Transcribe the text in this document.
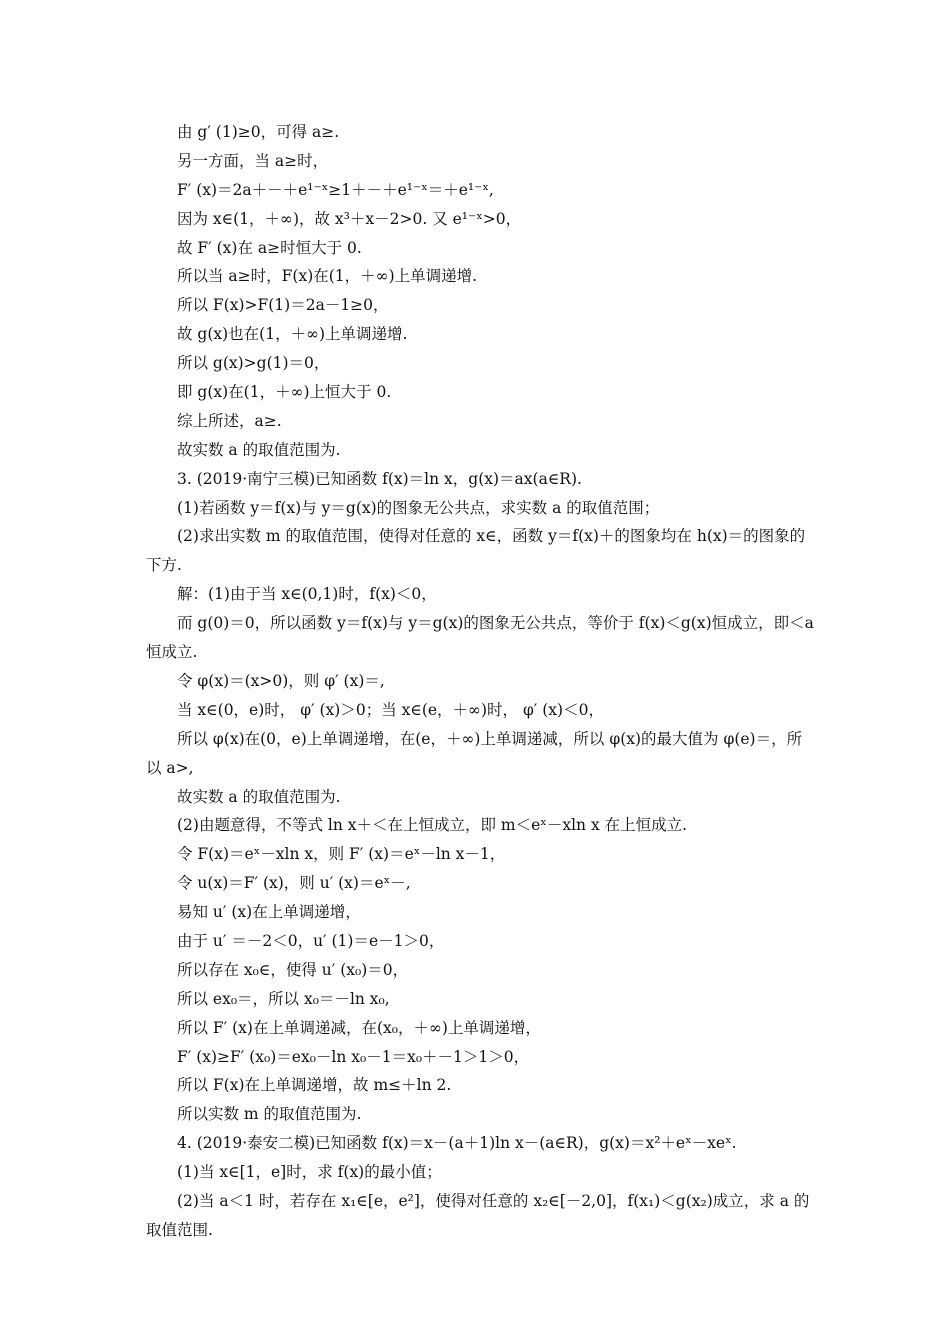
由 g′ (1)≥0，可得 a≥.
另一方面，当 a≥时，
F′ (x)＝2a＋－＋e¹⁻ˣ≥1＋－＋e¹⁻ˣ＝＋e¹⁻ˣ,
因为 x∈(1，＋∞)，故 x³＋x－2>0. 又 e¹⁻ˣ>0，
故 F′ (x)在 a≥时恒大于 0.
所以当 a≥时，F(x)在(1，＋∞)上单调递增.
所以 F(x)>F(1)＝2a－1≥0，
故 g(x)也在(1，＋∞)上单调递增.
所以 g(x)>g(1)＝0，
即 g(x)在(1，＋∞)上恒大于 0.
综上所述，a≥.
故实数 a 的取值范围为.
3. (2019·南宁三模)已知函数 f(x)＝ln x，g(x)＝ax(a∈R).
(1)若函数 y＝f(x)与 y＝g(x)的图象无公共点，求实数 a 的取值范围；
(2)求出实数 m 的取值范围，使得对任意的 x∈，函数 y＝f(x)＋的图象均在 h(x)＝的图象的下方.
解：(1)由于当 x∈(0,1)时，f(x)＜0，
而 g(0)＝0，所以函数 y＝f(x)与 y＝g(x)的图象无公共点，等价于 f(x)＜g(x)恒成立，即＜a 恒成立.
令 φ(x)＝(x>0)，则 φ′ (x)＝,
当 x∈(0，e)时， φ′ (x)＞0；当 x∈(e，＋∞)时， φ′ (x)＜0，
所以 φ(x)在(0，e)上单调递增，在(e，＋∞)上单调递减，所以 φ(x)的最大值为 φ(e)＝，所以 a>,
故实数 a 的取值范围为.
(2)由题意得，不等式 ln x＋＜在上恒成立，即 m＜eˣ－xln x 在上恒成立.
令 F(x)＝eˣ－xln x，则 F′ (x)＝eˣ－ln x－1，
令 u(x)＝F′ (x)，则 u′ (x)＝eˣ－,
易知 u′ (x)在上单调递增，
由于 u′ ＝－2＜0，u′ (1)＝e－1＞0，
所以存在 x₀∈，使得 u′ (x₀)＝0，
所以 ex₀＝，所以 x₀＝－ln x₀,
所以 F′ (x)在上单调递减，在(x₀，＋∞)上单调递增，
F′ (x)≥F′ (x₀)＝ex₀－ln x₀－1＝x₀＋－1＞1＞0，
所以 F(x)在上单调递增，故 m≤＋ln 2.
所以实数 m 的取值范围为.
4. (2019·泰安二模)已知函数 f(x)＝x－(a＋1)ln x－(a∈R)，g(x)＝x²＋eˣ－xeˣ.
(1)当 x∈[1，e]时，求 f(x)的最小值；
(2)当 a＜1 时，若存在 x₁∈[e，e²]，使得对任意的 x₂∈[－2,0]，f(x₁)＜g(x₂)成立，求 a 的取值范围.
